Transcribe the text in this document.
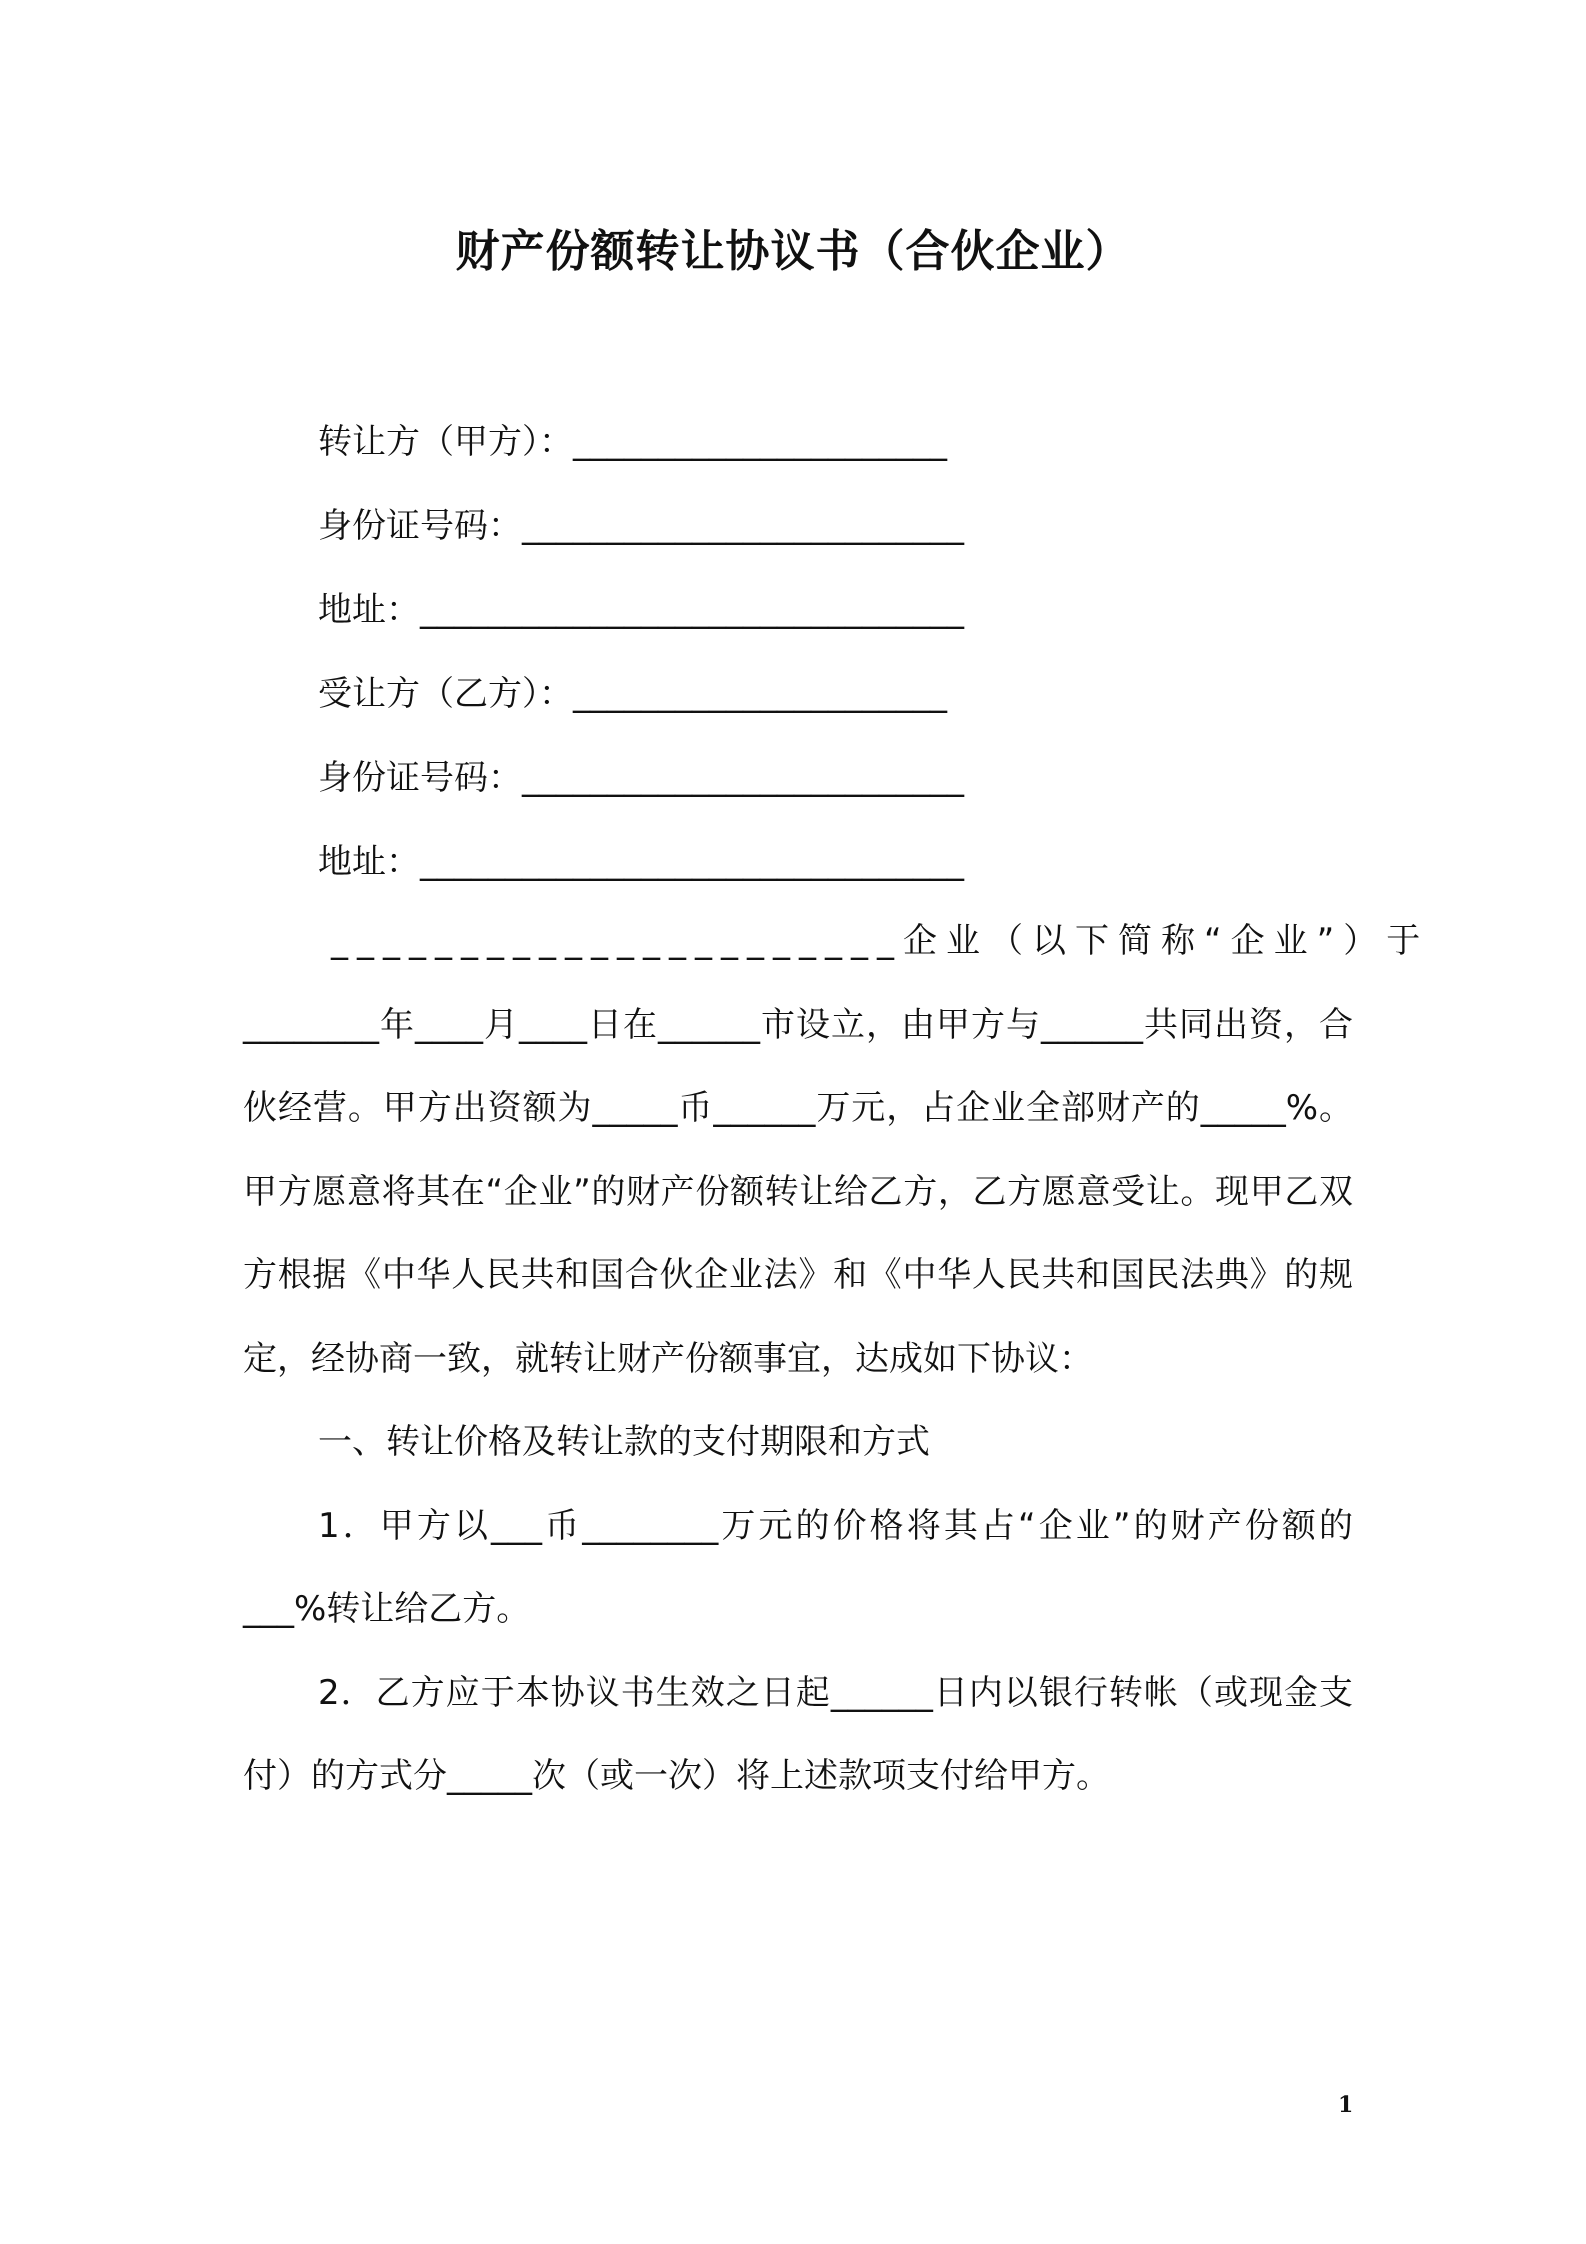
财产份额转让协议书（合伙企业）
转让方（甲方）：______________________
身份证号码：__________________________
地址：________________________________
受让方（乙方）：______________________
身份证号码：__________________________
地址：________________________________

______________________企业（以下简称“企业”）于

________年____月____日在______市设立，由甲方与______共同出资，合伙经营。甲方出资额为_____币______万元，占企业全部财产的_____%。甲方愿意将其在“企业”的财产份额转让给乙方，乙方愿意受让。现甲乙双方根据《中华人民共和国合伙企业法》和《中华人民共和国民法典》的规定，经协商一致，就转让财产份额事宜，达成如下协议：

一、转让价格及转让款的支付期限和方式

1．甲方以___币________万元的价格将其占“企业”的财产份额的___%转让给乙方。

2．乙方应于本协议书生效之日起______日内以银行转帐（或现金支付）的方式分_____次（或一次）将上述款项支付给甲方。

1
